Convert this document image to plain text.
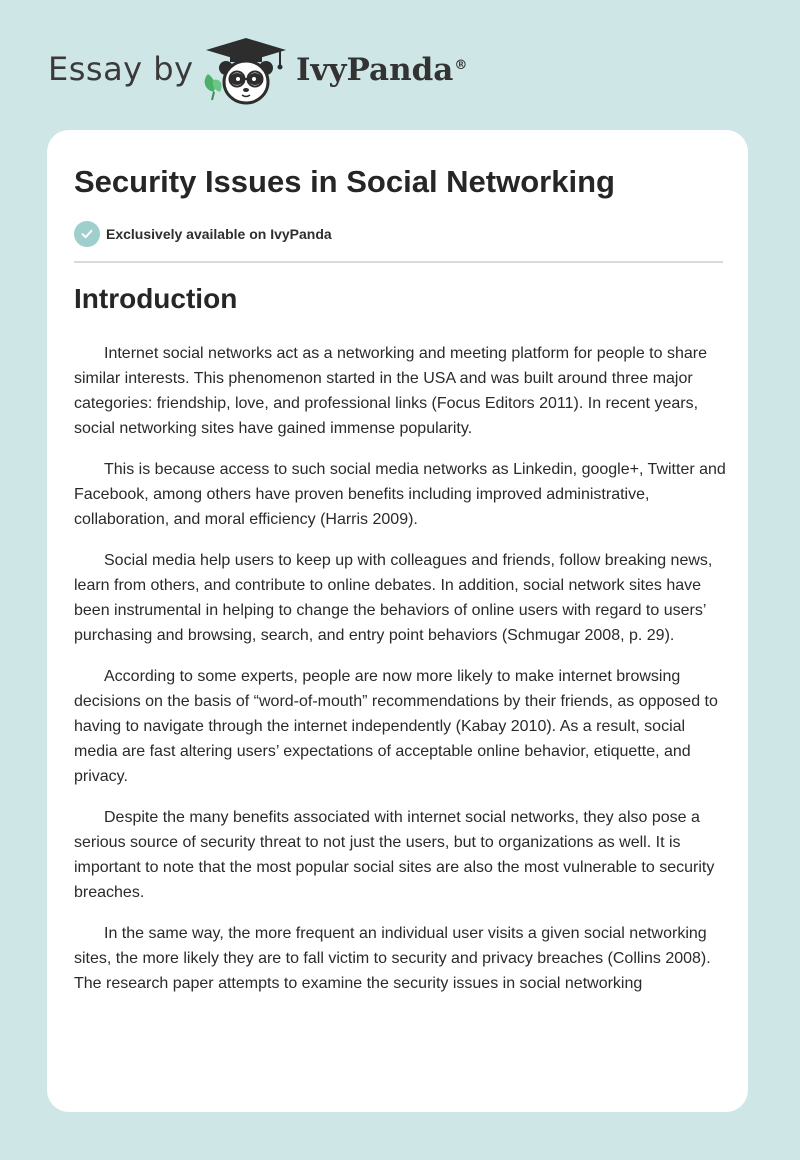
Essay by	IvyPanda®
Security Issues in Social Networking
Exclusively available on IvyPanda
Introduction

Internet social networks act as a networking and meeting platform for people to share similar interests. This phenomenon started in the USA and was built around three major categories: friendship, love, and professional links (Focus Editors 2011). In recent years, social networking sites have gained immense popularity.

This is because access to such social media networks as Linkedin, google+, Twitter and Facebook, among others have proven benefits including improved administrative, collaboration, and moral efficiency (Harris 2009).

Social media help users to keep up with colleagues and friends, follow breaking news, learn from others, and contribute to online debates. In addition, social network sites have been instrumental in helping to change the behaviors of online users with regard to users’ purchasing and browsing, search, and entry point behaviors (Schmugar 2008, p. 29).

According to some experts, people are now more likely to make internet browsing decisions on the basis of “word-of-mouth” recommendations by their friends, as opposed to having to navigate through the internet independently (Kabay 2010). As a result, social media are fast altering users’ expectations of acceptable online behavior, etiquette, and privacy.

Despite the many benefits associated with internet social networks, they also pose a serious source of security threat to not just the users, but to organizations as well. It is important to note that the most popular social sites are also the most vulnerable to security breaches.

In the same way, the more frequent an individual user visits a given social networking sites, the more likely they are to fall victim to security and privacy breaches (Collins 2008). The research paper attempts to examine the security issues in social networking
